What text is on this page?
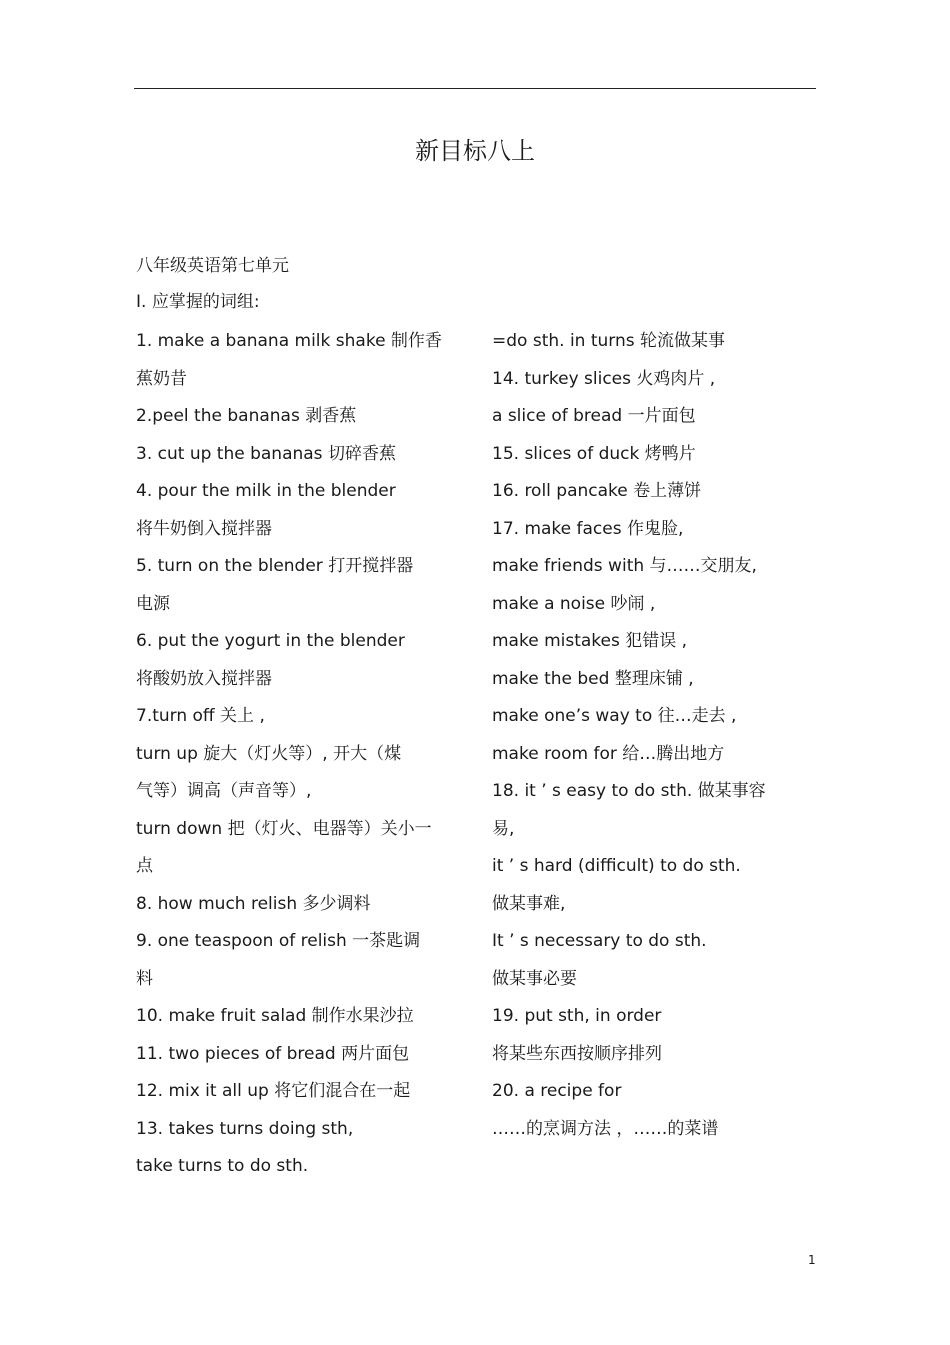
新目标八上
八年级英语第七单元
I. 应掌握的词组:
1. make a banana milk shake 制作香
蕉奶昔
2.peel the bananas 剥香蕉
3. cut up the bananas 切碎香蕉
4. pour the milk in the blender
将牛奶倒入搅拌器
5. turn on the blender 打开搅拌器
电源
6. put the yogurt in the blender
将酸奶放入搅拌器
7.turn off 关上 ,
turn up 旋大（灯火等）, 开大（煤
气等）调高（声音等）,
turn down 把（灯火、电器等）关小一
点
8. how much relish 多少调料
9. one teaspoon of relish 一茶匙调
料
10. make fruit salad 制作水果沙拉
11. two pieces of bread 两片面包
12. mix it all up 将它们混合在一起
13. takes turns doing sth,
take turns to do sth.
=do sth. in turns 轮流做某事
14. turkey slices 火鸡肉片 ,
a slice of bread 一片面包
15. slices of duck 烤鸭片
16. roll pancake 卷上薄饼
17. make faces 作鬼脸,
make friends with 与……交朋友,
make a noise 吵闹 ,
make mistakes 犯错误 ,
make the bed 整理床铺 ,
make one’s way to 往…走去 ,
make room for 给…腾出地方
18. it ’ s easy to do sth. 做某事容
易,
it ’ s hard (difficult) to do sth.
做某事难,
It ’ s necessary to do sth.
做某事必要
19. put sth, in order
将某些东西按顺序排列
20. a recipe for
……的烹调方法 ，……的菜谱
1
